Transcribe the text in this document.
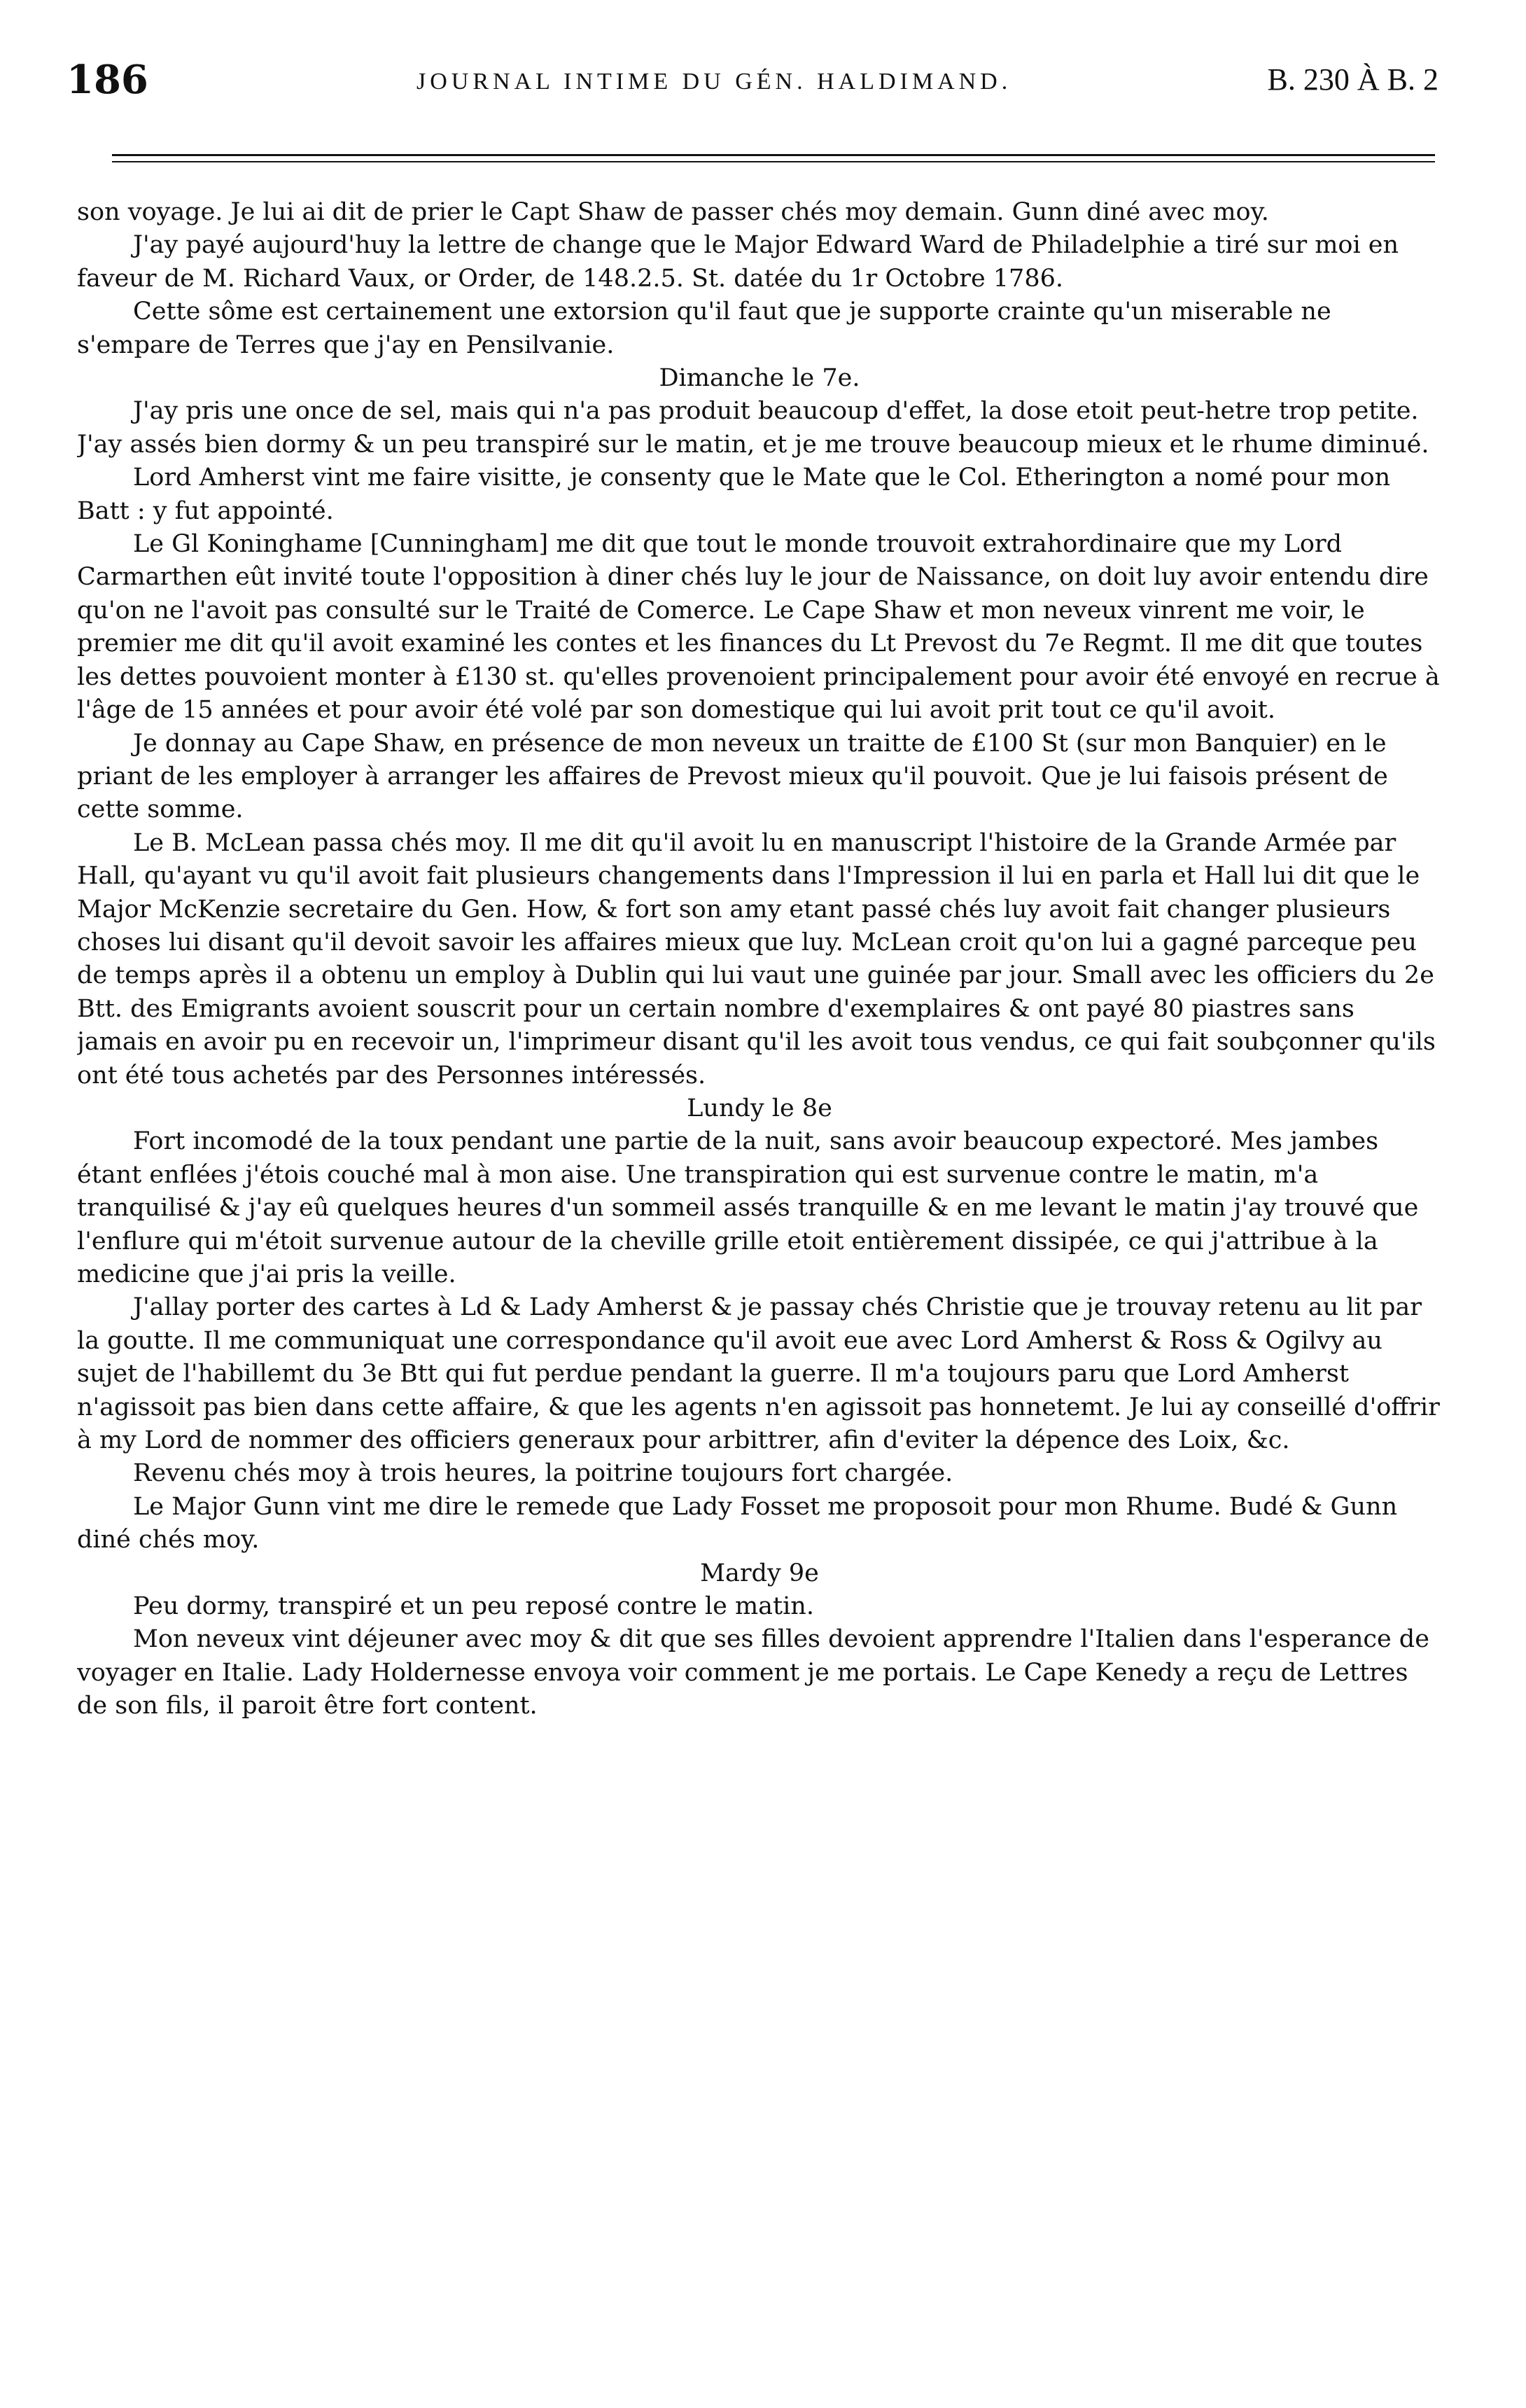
186	JOURNAL INTIME DU GÉN. HALDIMAND.	B. 230 À B. 2

son voyage. Je lui ai dit de prier le Capt Shaw de passer chés moy demain. Gunn diné avec moy.

J'ay payé aujourd'huy la lettre de change que le Major Edward Ward de Philadelphie a tiré sur moi en faveur de M. Richard Vaux, or Order, de 148.2.5. St. datée du 1r Octobre 1786.

Cette sôme est certainement une extorsion qu'il faut que je supporte crainte qu'un miserable ne s'empare de Terres que j'ay en Pensilvanie.

Dimanche le 7e.

J'ay pris une once de sel, mais qui n'a pas produit beaucoup d'effet, la dose etoit peut-hetre trop petite. J'ay assés bien dormy & un peu transpiré sur le matin, et je me trouve beaucoup mieux et le rhume diminué.

Lord Amherst vint me faire visitte, je consenty que le Mate que le Col. Etherington a nomé pour mon Batt : y fut appointé.

Le Gl Koninghame [Cunningham] me dit que tout le monde trouvoit extrahordinaire que my Lord Carmarthen eût invité toute l'opposition à diner chés luy le jour de Naissance, on doit luy avoir entendu dire qu'on ne l'avoit pas consulté sur le Traité de Comerce. Le Cape Shaw et mon neveux vinrent me voir, le premier me dit qu'il avoit examiné les contes et les finances du Lt Prevost du 7e Regmt. Il me dit que toutes les dettes pouvoient monter à £130 st. qu'elles provenoient principalement pour avoir été envoyé en recrue à l'âge de 15 années et pour avoir été volé par son domestique qui lui avoit prit tout ce qu'il avoit.

Je donnay au Cape Shaw, en présence de mon neveux un traitte de £100 St (sur mon Banquier) en le priant de les employer à arranger les affaires de Prevost mieux qu'il pouvoit. Que je lui faisois présent de cette somme.

Le B. McLean passa chés moy. Il me dit qu'il avoit lu en manuscript l'histoire de la Grande Armée par Hall, qu'ayant vu qu'il avoit fait plusieurs changements dans l'Impression il lui en parla et Hall lui dit que le Major McKenzie secretaire du Gen. How, & fort son amy etant passé chés luy avoit fait changer plusieurs choses lui disant qu'il devoit savoir les affaires mieux que luy. McLean croit qu'on lui a gagné parceque peu de temps après il a obtenu un employ à Dublin qui lui vaut une guinée par jour. Small avec les officiers du 2e Btt. des Emigrants avoient souscrit pour un certain nombre d'exemplaires & ont payé 80 piastres sans jamais en avoir pu en recevoir un, l'imprimeur disant qu'il les avoit tous vendus, ce qui fait soubçonner qu'ils ont été tous achetés par des Personnes intéressés.

Lundy le 8e

Fort incomodé de la toux pendant une partie de la nuit, sans avoir beaucoup expectoré. Mes jambes étant enflées j'étois couché mal à mon aise. Une transpiration qui est survenue contre le matin, m'a tranquilisé & j'ay eû quelques heures d'un sommeil assés tranquille & en me levant le matin j'ay trouvé que l'enflure qui m'étoit survenue autour de la cheville grille etoit entièrement dissipée, ce qui j'attribue à la medicine que j'ai pris la veille.

J'allay porter des cartes à Ld & Lady Amherst & je passay chés Christie que je trouvay retenu au lit par la goutte. Il me communiquat une correspondance qu'il avoit eue avec Lord Amherst & Ross & Ogilvy au sujet de l'habillemt du 3e Btt qui fut perdue pendant la guerre. Il m'a toujours paru que Lord Amherst n'agissoit pas bien dans cette affaire, & que les agents n'en agissoit pas honnetemt. Je lui ay conseillé d'offrir à my Lord de nommer des officiers generaux pour arbittrer, afin d'eviter la dépence des Loix, &c.

Revenu chés moy à trois heures, la poitrine toujours fort chargée.

Le Major Gunn vint me dire le remede que Lady Fosset me proposoit pour mon Rhume. Budé & Gunn diné chés moy.

Mardy 9e

Peu dormy, transpiré et un peu reposé contre le matin.

Mon neveux vint déjeuner avec moy & dit que ses filles devoient apprendre l'Italien dans l'esperance de voyager en Italie. Lady Holdernesse envoya voir comment je me portais. Le Cape Kenedy a reçu de Lettres de son fils, il paroit être fort content.
